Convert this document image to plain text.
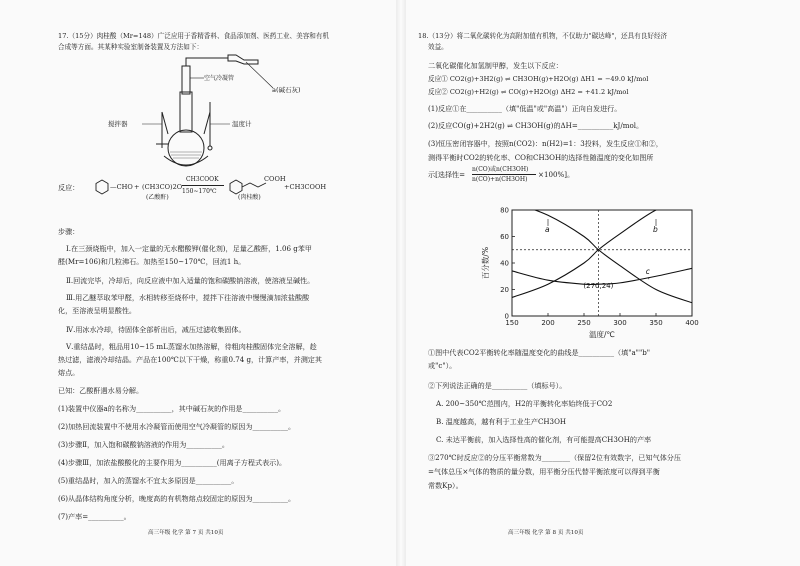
17.（15分）肉桂酸（Mr=148）广泛应用于香精香料、食品添加剂、医药工业、美容和有机
合成等方面。其某种实验室制备装置及方法如下：
a(碱石灰)
空气冷凝管
搅拌器	温度计
反应：	—CHO + (CH3CO)2O
(乙酸酐)
CH3COOK
150~170℃
COOH
(肉桂酸)
+CH3COOH
步骤：
Ⅰ.在三颈烧瓶中，加入一定量的无水醋酸钾(催化剂)，足量乙酸酐，1.06 g苯甲
醛(Mr=106)和几粒沸石。加热至150~170℃，回流1 h。
Ⅱ.回流完毕，冷却后，向反应液中加入适量的饱和碳酸钠溶液，使溶液呈碱性。
Ⅲ.用乙醚萃取苯甲醛，水相转移至烧杯中，搅拌下往溶液中慢慢滴加浓盐酸酸
化，至溶液呈明显酸性。
Ⅳ.用冰水冷却，待固体全部析出后，减压过滤收集固体。
Ⅴ.重结晶时，粗品用10~15 mL蒸馏水加热溶解，待粗肉桂酸固体完全溶解，趁
热过滤，滤液冷却结晶。产品在100℃以下干燥，称重0.74 g，计算产率，并测定其
熔点。
已知：乙酸酐遇水易分解。
(1)装置中仪器a的名称为__________，其中碱石灰的作用是__________。
(2)加热回流装置中不使用水冷凝管而使用空气冷凝管的原因为__________。
(3)步骤Ⅱ，加入饱和碳酸钠溶液的作用为__________。
(4)步骤Ⅲ，加浓盐酸酸化的主要作用为__________(用离子方程式表示)。
(5)重结晶时，加入的蒸馏水不宜太多原因是__________。
(6)从晶体结构角度分析，晚度高的有机物熔点较固定的原因为__________。
(7)产率=__________。
高三年级 化学 第 7 页 共10页
18.（13分）将二氧化碳转化为高附加值有机物，不仅助力"碳达峰"，还具有良好经济
效益。
二氧化碳催化加氢制甲醇，发生以下反应：
反应① CO2(g)+3H2(g) ⇌ CH3OH(g)+H2O(g) ΔH1 = −49.0 kJ/mol
反应② CO2(g)+H2(g) ⇌ CO(g)+H2O(g) ΔH2 = +41.2 kJ/mol
(1)反应①在__________（填"低温"或"高温"）正向自发进行。
(2)反应CO(g)+2H2(g) ⇌ CH3OH(g)的ΔH=__________kJ/mol。
(3)恒压密闭容器中，按照n(CO2)：n(H2)=1：3投料，发生反应①和②，
测得平衡时CO2的转化率、CO和CH3OH的选择性随温度的变化如图所
示[选择性=
n(CO)或n(CH3OH)
n(CO)+n(CH3OH)
×100%]。
150	200	250	300	350	400
0
20
40
60
80
温度/℃
百分数/%
a	b
c
(270,24)
①图中代表CO2平衡转化率随温度变化的曲线是__________（填"a""b"
或"c"）。
②下列说法正确的是__________（填标号）。
A. 200~350℃范围内，H2的平衡转化率始终低于CO2
B. 温度越高，越有利于工业生产CH3OH
C. 未达平衡前，加入选择性高的催化剂，有可能提高CH3OH的产率
③270℃时反应②的分压平衡常数为________（保留2位有效数字，已知气体分压
=气体总压×气体的物质的量分数，用平衡分压代替平衡浓度可以得到平衡
常数Kp）。
高三年级 化学 第 8 页 共10页
